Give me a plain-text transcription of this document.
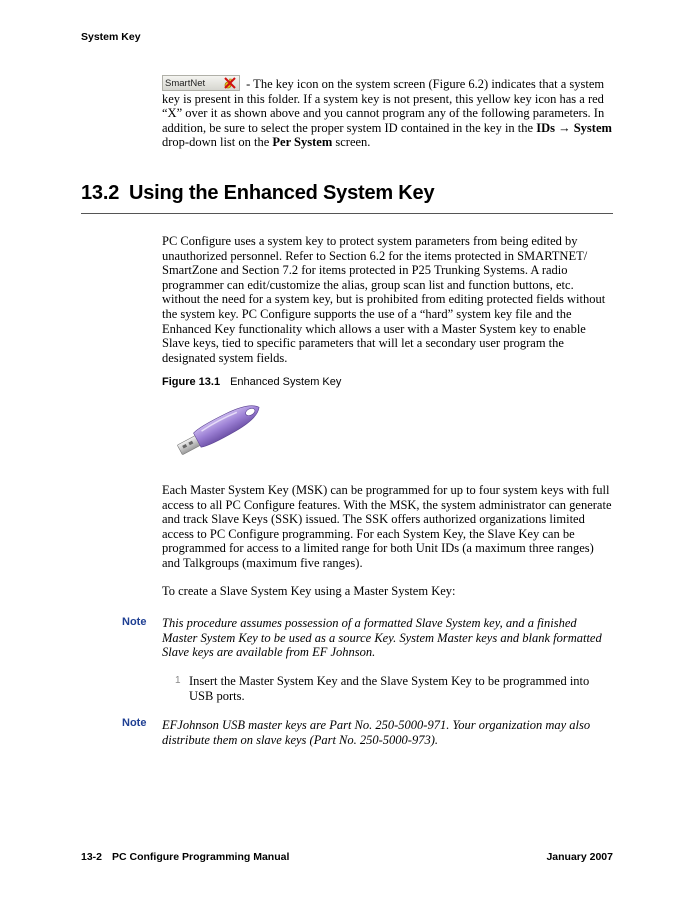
System Key
SmartNet	- The key icon on the system screen (Figure 6.2) indicates that a system key is present in this folder. If a system key is not present, this yellow key icon has a red “X” over it as shown above and you cannot program any of the following parameters. In addition, be sure to select the proper system ID contained in the key in the IDs → System drop-down list on the Per System screen.
13.2 Using the Enhanced System Key
PC Configure uses a system key to protect system parameters from being edited by unauthorized personnel. Refer to Section 6.2 for the items protected in SMARTNET/ SmartZone and Section 7.2 for items protected in P25 Trunking Systems. A radio programmer can edit/customize the alias, group scan list and function buttons, etc. without the need for a system key, but is prohibited from editing protected fields without the system key. PC Configure supports the use of a “hard” system key file and the Enhanced Key functionality which allows a user with a Master System key to enable Slave keys, tied to specific parameters that will let a secondary user program the designated system fields.
Figure 13.1 Enhanced System Key
Each Master System Key (MSK) can be programmed for up to four system keys with full access to all PC Configure features. With the MSK, the system administrator can generate and track Slave Keys (SSK) issued. The SSK offers authorized organizations limited access to PC Configure programming. For each System Key, the Slave Key can be programmed for access to a limited range for both Unit IDs (a maximum three ranges) and Talkgroups (maximum five ranges).
To create a Slave System Key using a Master System Key:
Note This procedure assumes possession of a formatted Slave System key, and a finished Master System Key to be used as a source Key. System Master keys and blank formatted Slave keys are available from EF Johnson.
1 Insert the Master System Key and the Slave System Key to be programmed into USB ports.
Note EFJohnson USB master keys are Part No. 250-5000-971. Your organization may also distribute them on slave keys (Part No. 250-5000-973).
13-2 PC Configure Programming Manual	January 2007
